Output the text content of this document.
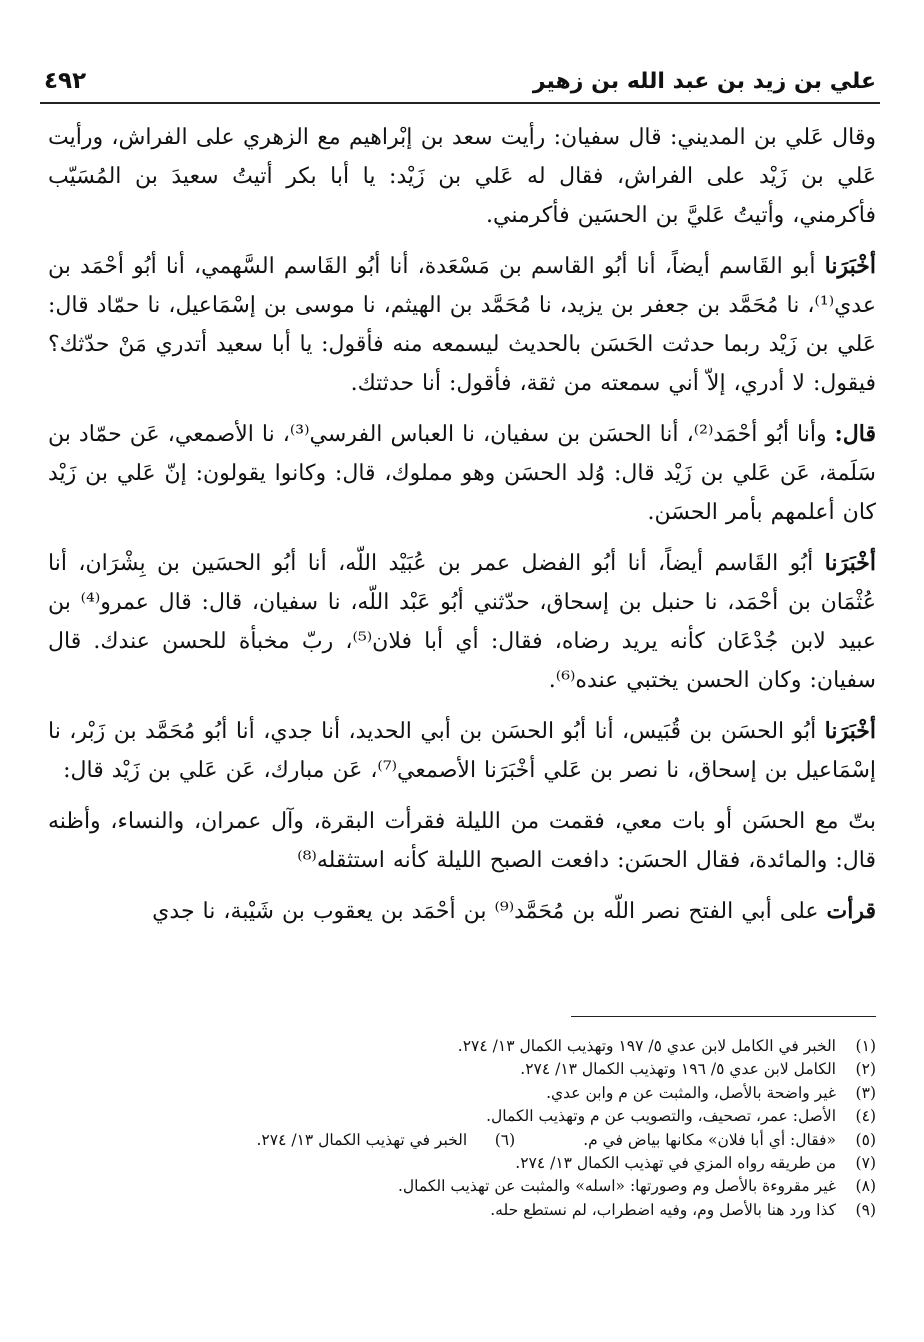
علي بن زيد بن عبد الله بن زهير
٤٩٢

وقال عَلي بن المديني: قال سفيان: رأيت سعد بن إبْراهيم مع الزهري على الفراش، ورأيت عَلي بن زَيْد على الفراش، فقال له عَلي بن زَيْد: يا أبا بكر أتيتُ سعيدَ بن المُسَيّب فأكرمني، وأتيتُ عَليَّ بن الحسَين فأكرمني.

أخْبَرَنا أبو القَاسم أيضاً، أنا أبُو القاسم بن مَسْعَدة، أنا أبُو القَاسم السَّهمي، أنا أبُو أحْمَد بن عدي⁽¹⁾، نا مُحَمَّد بن جعفر بن يزيد، نا مُحَمَّد بن الهيثم، نا موسى بن إسْمَاعيل، نا حمّاد قال: عَلي بن زَيْد ربما حدثت الحَسَن بالحديث ليسمعه منه فأقول: يا أبا سعيد أتدري مَنْ حدّثك؟ فيقول: لا أدري، إلاّ أني سمعته من ثقة، فأقول: أنا حدثتك.

قال: وأنا أبُو أحْمَد⁽²⁾، أنا الحسَن بن سفيان، نا العباس الفرسي⁽³⁾، نا الأصمعي، عَن حمّاد بن سَلَمة، عَن عَلي بن زَيْد قال: وُلد الحسَن وهو مملوك، قال: وكانوا يقولون: إنّ عَلي بن زَيْد كان أعلمهم بأمر الحسَن.

أخْبَرَنا أبُو القَاسم أيضاً، أنا أبُو الفضل عمر بن عُبَيْد اللّه، أنا أبُو الحسَين بن بِشْرَان، أنا عُثْمَان بن أحْمَد، نا حنبل بن إسحاق، حدّثني أبُو عَبْد اللّه، نا سفيان، قال: قال عمرو⁽⁴⁾ بن عبيد لابن جُدْعَان كأنه يريد رضاه، فقال: أي أبا فلان⁽⁵⁾، ربّ مخبأة للحسن عندك. قال سفيان: وكان الحسن يختبي عنده⁽⁶⁾.

أخْبَرَنا أبُو الحسَن بن قُبَيس، أنا أبُو الحسَن بن أبي الحديد، أنا جدي، أنا أبُو مُحَمَّد بن زَبْر، نا إسْمَاعيل بن إسحاق، نا نصر بن عَلي أخْبَرَنا الأصمعي⁽⁷⁾، عَن مبارك، عَن عَلي بن زَيْد قال:

بتّ مع الحسَن أو بات معي، فقمت من الليلة فقرأت البقرة، وآل عمران، والنساء، وأظنه قال: والمائدة، فقال الحسَن: دافعت الصبح الليلة كأنه استثقله⁽⁸⁾

قرأت على أبي الفتح نصر اللّه بن مُحَمَّد⁽⁹⁾ بن أحْمَد بن يعقوب بن شَيْبة، نا جدي

(١)
الخبر في الكامل لابن عدي ٥/ ١٩٧ وتهذيب الكمال ١٣/ ٢٧٤.
(٢)
الكامل لابن عدي ٥/ ١٩٦ وتهذيب الكمال ١٣/ ٢٧٤.
(٣)
غير واضحة بالأصل، والمثبت عن م وابن عدي.
(٤)
الأصل: عمر، تصحيف، والتصويب عن م وتهذيب الكمال.
(٥)
«فقال: أي أبا فلان» مكانها بياض في م.
(٦)
الخبر في تهذيب الكمال ١٣/ ٢٧٤.
(٧)
من طريقه رواه المزي في تهذيب الكمال ١٣/ ٢٧٤.
(٨)
غير مقروءة بالأصل وم وصورتها: «اسله» والمثبت عن تهذيب الكمال.
(٩)
كذا ورد هنا بالأصل وم، وفيه اضطراب، لم نستطع حله.
